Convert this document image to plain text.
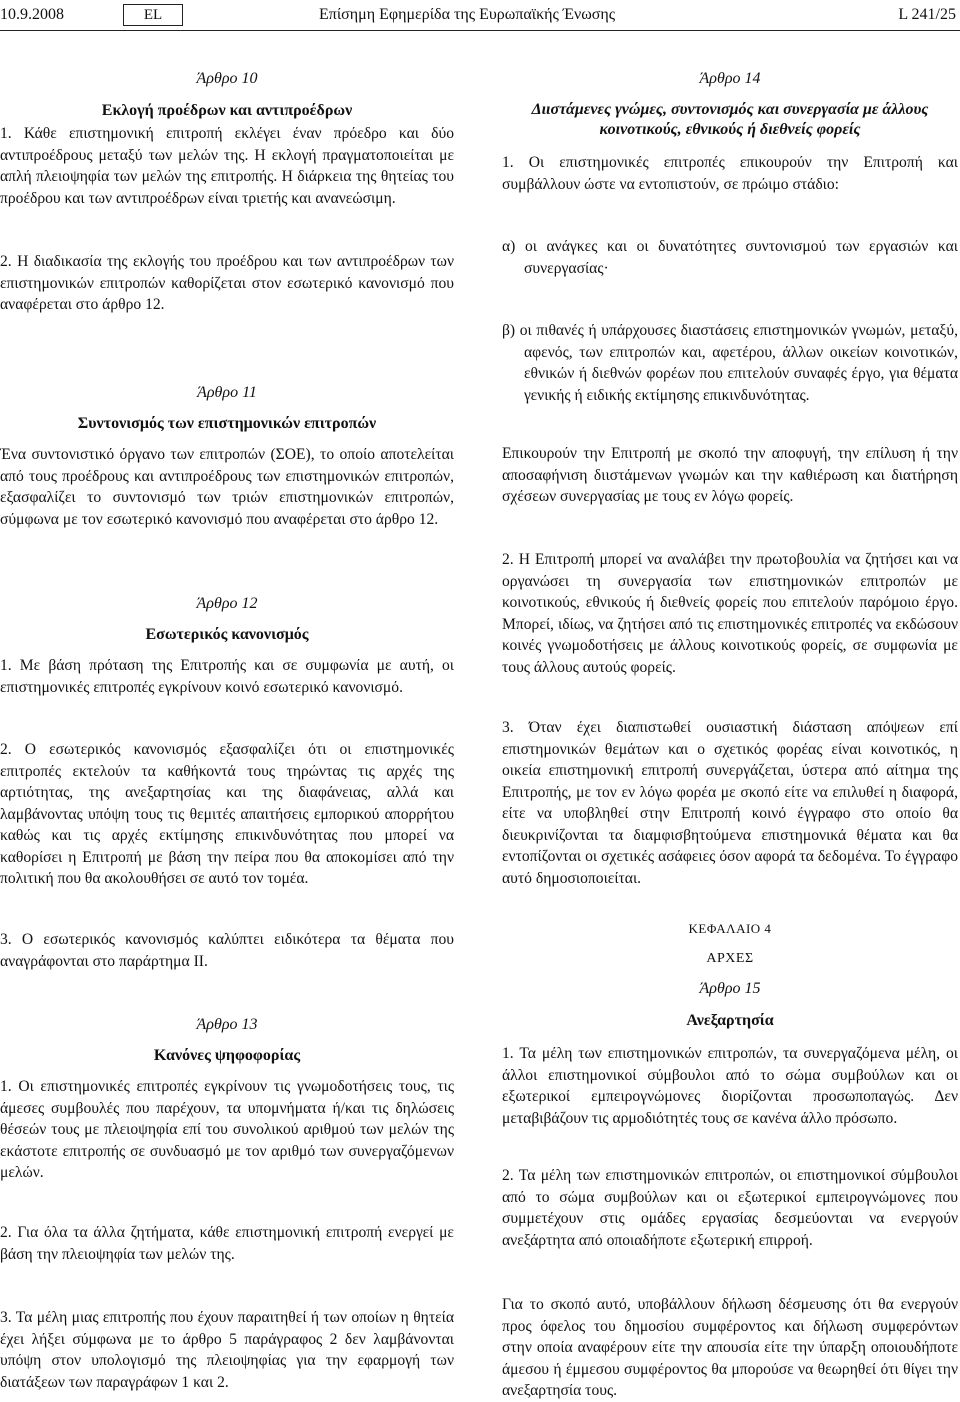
10.9.2008	EL	Επίσημη Εφημερίδα της Ευρωπαϊκής Ένωσης	L 241/25

Άρθρο 10

Εκλογή προέδρων και αντιπροέδρων

1. Κάθε επιστημονική επιτροπή εκλέγει έναν πρόεδρο και δύο αντιπροέδρους μεταξύ των μελών της. Η εκλογή πραγματοποιείται με απλή πλειοψηφία των μελών της επιτροπής. Η διάρκεια της θητείας του προέδρου και των αντιπροέδρων είναι τριετής και ανανεώσιμη.

2. Η διαδικασία της εκλογής του προέδρου και των αντιπροέδρων των επιστημονικών επιτροπών καθορίζεται στον εσωτερικό κανονισμό που αναφέρεται στο άρθρο 12.

Άρθρο 11

Συντονισμός των επιστημονικών επιτροπών

Ένα συντονιστικό όργανο των επιτροπών (ΣΟΕ), το οποίο αποτελείται από τους προέδρους και αντιπροέδρους των επιστημονικών επιτροπών, εξασφαλίζει το συντονισμό των τριών επιστημονικών επιτροπών, σύμφωνα με τον εσωτερικό κανονισμό που αναφέρεται στο άρθρο 12.

Άρθρο 12

Εσωτερικός κανονισμός

1. Με βάση πρόταση της Επιτροπής και σε συμφωνία με αυτή, οι επιστημονικές επιτροπές εγκρίνουν κοινό εσωτερικό κανονισμό.

2. Ο εσωτερικός κανονισμός εξασφαλίζει ότι οι επιστημονικές επιτροπές εκτελούν τα καθήκοντά τους τηρώντας τις αρχές της αρτιότητας, της ανεξαρτησίας και της διαφάνειας, αλλά και λαμβάνοντας υπόψη τους τις θεμιτές απαιτήσεις εμπορικού απορρήτου καθώς και τις αρχές εκτίμησης επικινδυνότητας που μπορεί να καθορίσει η Επιτροπή με βάση την πείρα που θα αποκομίσει από την πολιτική που θα ακολουθήσει σε αυτό τον τομέα.

3. Ο εσωτερικός κανονισμός καλύπτει ειδικότερα τα θέματα που αναγράφονται στο παράρτημα ΙΙ.

Άρθρο 13

Κανόνες ψηφοφορίας

1. Οι επιστημονικές επιτροπές εγκρίνουν τις γνωμοδοτήσεις τους, τις άμεσες συμβουλές που παρέχουν, τα υπομνήματα ή/και τις δηλώσεις θέσεών τους με πλειοψηφία επί του συνολικού αριθμού των μελών της εκάστοτε επιτροπής σε συνδυασμό με τον αριθμό των συνεργαζόμενων μελών.

2. Για όλα τα άλλα ζητήματα, κάθε επιστημονική επιτροπή ενεργεί με βάση την πλειοψηφία των μελών της.

3. Τα μέλη μιας επιτροπής που έχουν παραιτηθεί ή των οποίων η θητεία έχει λήξει σύμφωνα με το άρθρο 5 παράγραφος 2 δεν λαμβάνονται υπόψη στον υπολογισμό της πλειοψηφίας για την εφαρμογή των διατάξεων των παραγράφων 1 και 2.

Άρθρο 14

Διιστάμενες γνώμες, συντονισμός και συνεργασία με άλλους κοινοτικούς, εθνικούς ή διεθνείς φορείς

1. Οι επιστημονικές επιτροπές επικουρούν την Επιτροπή και συμβάλλουν ώστε να εντοπιστούν, σε πρώιμο στάδιο:

α) οι ανάγκες και οι δυνατότητες συντονισμού των εργασιών και συνεργασίας·

β) οι πιθανές ή υπάρχουσες διαστάσεις επιστημονικών γνωμών, μεταξύ, αφενός, των επιτροπών και, αφετέρου, άλλων οικείων κοινοτικών, εθνικών ή διεθνών φορέων που επιτελούν συναφές έργο, για θέματα γενικής ή ειδικής εκτίμησης επικινδυνότητας.

Επικουρούν την Επιτροπή με σκοπό την αποφυγή, την επίλυση ή την αποσαφήνιση διιστάμενων γνωμών και την καθιέρωση και διατήρηση σχέσεων συνεργασίας με τους εν λόγω φορείς.

2. Η Επιτροπή μπορεί να αναλάβει την πρωτοβουλία να ζητήσει και να οργανώσει τη συνεργασία των επιστημονικών επιτροπών με κοινοτικούς, εθνικούς ή διεθνείς φορείς που επιτελούν παρόμοιο έργο. Μπορεί, ιδίως, να ζητήσει από τις επιστημονικές επιτροπές να εκδώσουν κοινές γνωμοδοτήσεις με άλλους κοινοτικούς φορείς, σε συμφωνία με τους άλλους αυτούς φορείς.

3. Όταν έχει διαπιστωθεί ουσιαστική διάσταση απόψεων επί επιστημονικών θεμάτων και ο σχετικός φορέας είναι κοινοτικός, η οικεία επιστημονική επιτροπή συνεργάζεται, ύστερα από αίτημα της Επιτροπής, με τον εν λόγω φορέα με σκοπό είτε να επιλυθεί η διαφορά, είτε να υποβληθεί στην Επιτροπή κοινό έγγραφο στο οποίο θα διευκρινίζονται τα διαμφισβητούμενα επιστημονικά θέματα και θα εντοπίζονται οι σχετικές ασάφειες όσον αφορά τα δεδομένα. Το έγγραφο αυτό δημοσιοποιείται.

ΚΕΦΑΛΑΙΟ 4

ΑΡΧΕΣ

Άρθρο 15

Ανεξαρτησία

1. Τα μέλη των επιστημονικών επιτροπών, τα συνεργαζόμενα μέλη, οι άλλοι επιστημονικοί σύμβουλοι από το σώμα συμβούλων και οι εξωτερικοί εμπειρογνώμονες διορίζονται προσωποπαγώς. Δεν μεταβιβάζουν τις αρμοδιότητές τους σε κανένα άλλο πρόσωπο.

2. Τα μέλη των επιστημονικών επιτροπών, οι επιστημονικοί σύμβουλοι από το σώμα συμβούλων και οι εξωτερικοί εμπειρογνώμονες που συμμετέχουν στις ομάδες εργασίας δεσμεύονται να ενεργούν ανεξάρτητα από οποιαδήποτε εξωτερική επιρροή.

Για το σκοπό αυτό, υποβάλλουν δήλωση δέσμευσης ότι θα ενεργούν προς όφελος του δημοσίου συμφέροντος και δήλωση συμφερόντων στην οποία αναφέρουν είτε την απουσία είτε την ύπαρξη οποιουδήποτε άμεσου ή έμμεσου συμφέροντος θα μπορούσε να θεωρηθεί ότι θίγει την ανεξαρτησία τους.
